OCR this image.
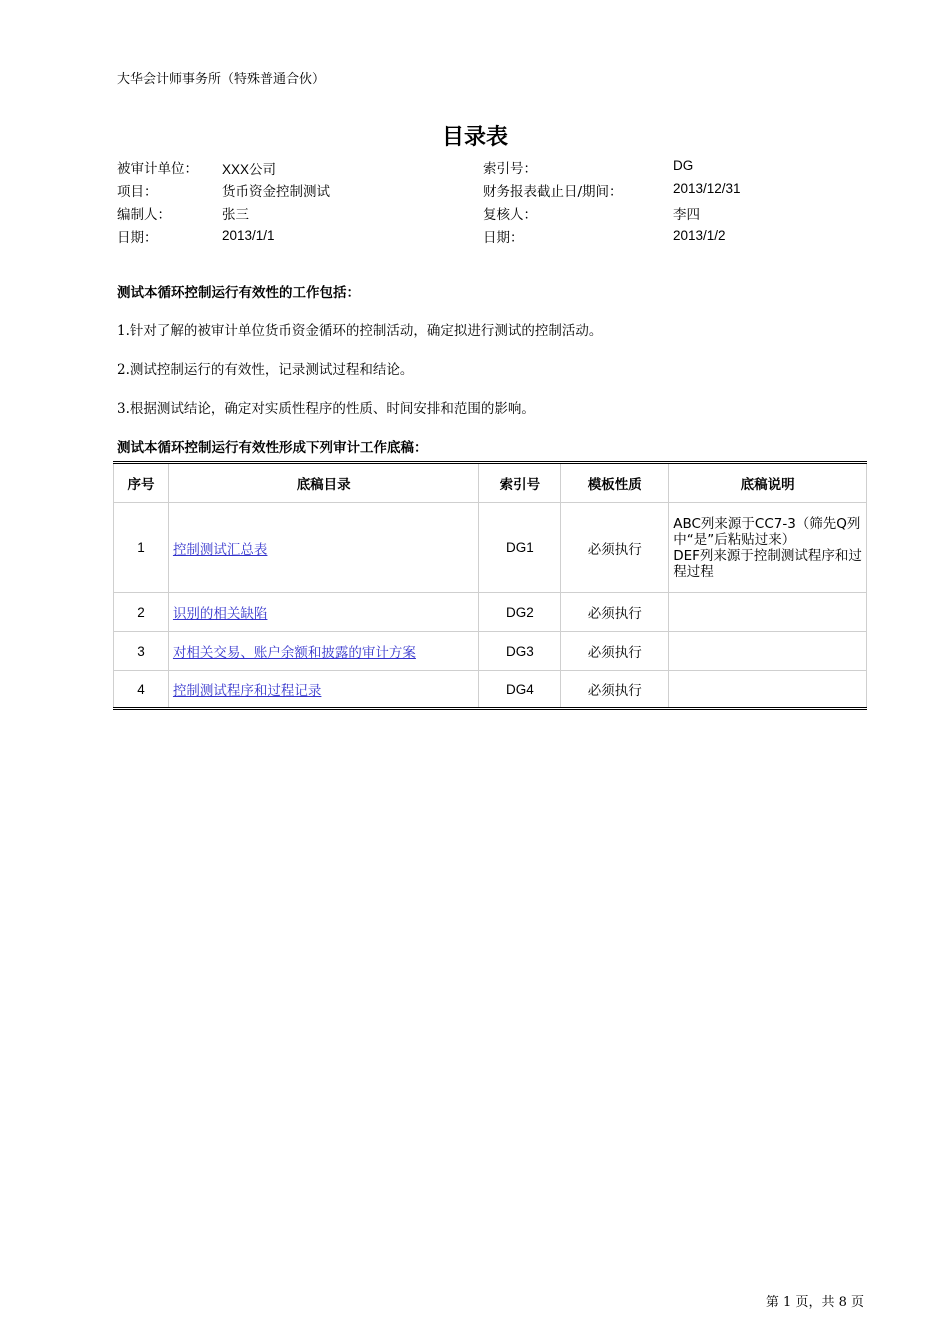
大华会计师事务所（特殊普通合伙）
目录表
被审计单位： XXX公司	索引号：	DG
项目：	货币资金控制测试	财务报表截止日/期间：	2013/12/31
编制人：	张三	复核人：	李四
日期：	2013/1/1	日期：	2013/1/2
测试本循环控制运行有效性的工作包括：
1.针对了解的被审计单位货币资金循环的控制活动，确定拟进行测试的控制活动。
2.测试控制运行的有效性，记录测试过程和结论。
3.根据测试结论，确定对实质性程序的性质、时间安排和范围的影响。
测试本循环控制运行有效性形成下列审计工作底稿：
序号	底稿目录	索引号	模板性质	底稿说明
1	控制测试汇总表	DG1	必须执行	ABC列来源于CC7-3（筛先Q列中“是”后粘贴过来）
DEF列来源于控制测试程序和过程过程

2	识别的相关缺陷	DG2	必须执行	
3	对相关交易、账户余额和披露的审计方案	DG3	必须执行	
4	控制测试程序和过程记录	DG4	必须执行	
第 1 页，共 8 页
